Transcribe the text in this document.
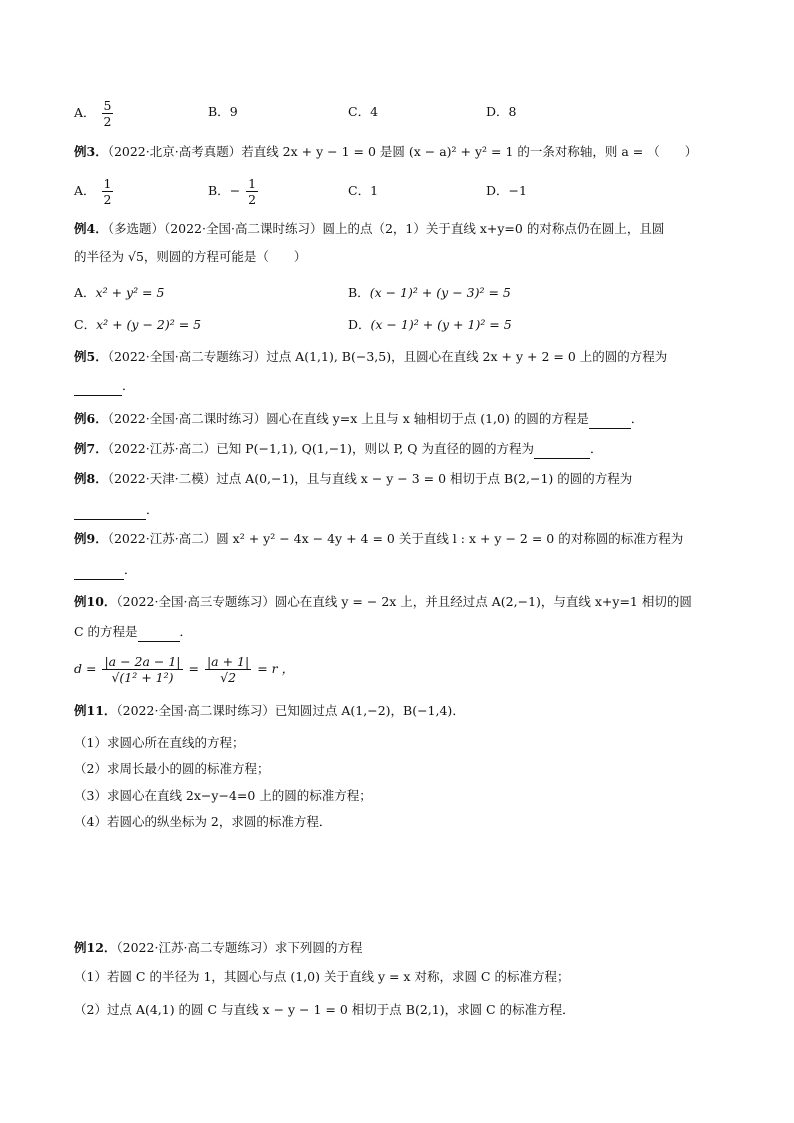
A． $\frac{5}{2}$	B．9	C．4	D．8
例3．（2022·北京·高考真题）若直线 2x + y − 1 = 0 是圆 (x − a)² + y² = 1 的一条对称轴，则 a = （　　）
A． $\frac{1}{2}$	B．− $\frac{1}{2}$	C．1	D．−1
例4．（多选题）（2022·全国·高二课时练习）圆上的点（2，1）关于直线 x+y=0 的对称点仍在圆上，且圆
的半径为 √5，则圆的方程可能是（　　）
A．x² + y² = 5	B．(x − 1)² + (y − 3)² = 5
C．x² + (y − 2)² = 5	D．(x − 1)² + (y + 1)² = 5
例5．（2022·全国·高二专题练习）过点 A(1,1), B(−3,5)，且圆心在直线 2x + y + 2 = 0 上的圆的方程为
．
例6．（2022·全国·高二课时练习）圆心在直线 y=x 上且与 x 轴相切于点 (1,0) 的圆的方程是	．
例7．（2022·江苏·高二）已知 P(−1,1), Q(1,−1)，则以 P, Q 为直径的圆的方程为	．
例8．（2022·天津·二模）过点 A(0,−1)，且与直线 x − y − 3 = 0 相切于点 B(2,−1) 的圆的方程为
．
例9．（2022·江苏·高二）圆 x² + y² − 4x − 4y + 4 = 0 关于直线 l : x + y − 2 = 0 的对称圆的标准方程为
．
例10．（2022·全国·高三专题练习）圆心在直线 y = − 2x 上，并且经过点 A(2,−1)，与直线 x+y=1 相切的圆
C 的方程是	．
$d = \frac{|a - 2a - 1|}{\text{√(1² + 1²)}} = \frac{|a + 1|}{√2} = r$ ，
例11．（2022·全国·高二课时练习）已知圆过点 A(1,−2)，B(−1,4)．
（1）求圆心所在直线的方程；
（2）求周长最小的圆的标准方程；
（3）求圆心在直线 2x−y−4=0 上的圆的标准方程；
（4）若圆心的纵坐标为 2，求圆的标准方程．
例12．（2022·江苏·高二专题练习）求下列圆的方程
（1）若圆 C 的半径为 1，其圆心与点 (1,0) 关于直线 y = x 对称，求圆 C 的标准方程；
（2）过点 A(4,1) 的圆 C 与直线 x − y − 1 = 0 相切于点 B(2,1)，求圆 C 的标准方程．
